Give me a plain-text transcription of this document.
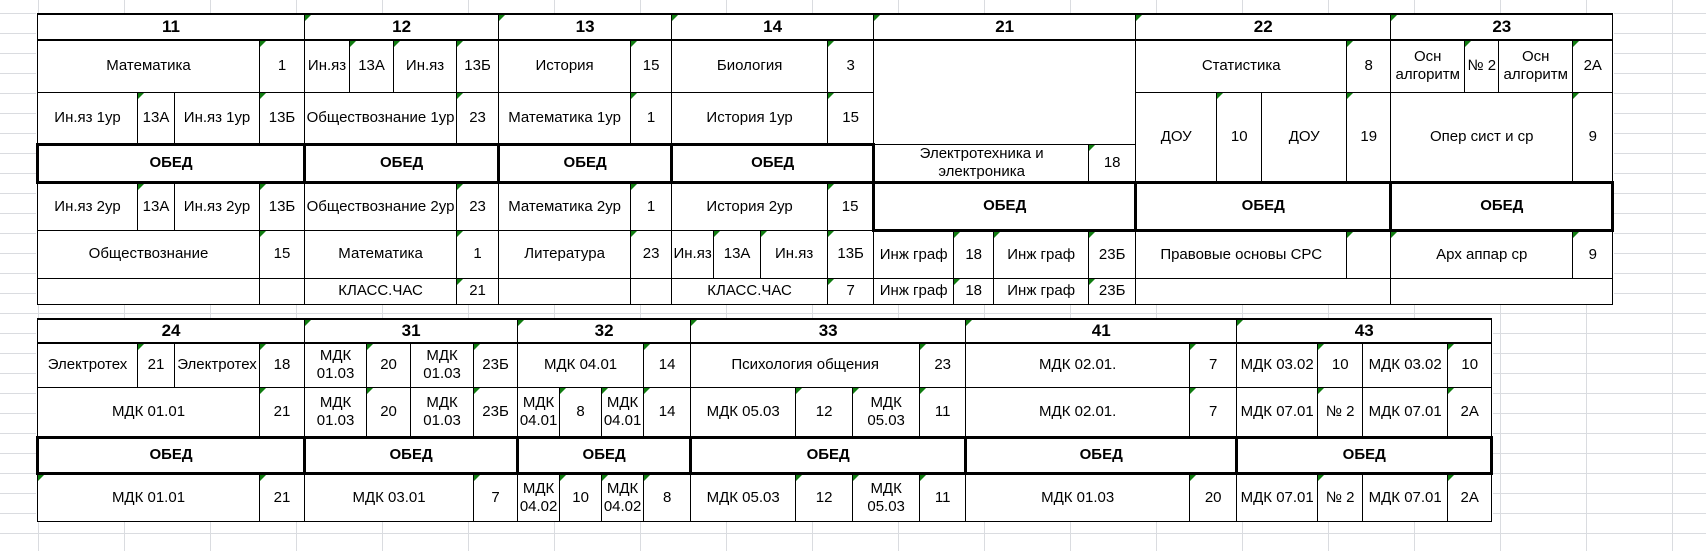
11				12				13		14				21				22				23			
Математика			1	Ин.яз	13А	Ин.яз	13Б	История	15	Биология			3					Статистика			8	Осн алгоритм	№ 2	Осн алгоритм	2А
Ин.яз 1ур	13А	Ин.яз 1ур	13Б	Обществознание 1ур			23	Математика 1ур	1	История 1ур			15					ДОУ	10	ДОУ	19	Опер сист и ср			9
ОБЕД				ОБЕД				ОБЕД		ОБЕД				Электротехника и электроника			18								
Ин.яз 2ур	13А	Ин.яз 2ур	13Б	Обществознание 2ур			23	Математика 2ур	1	История 2ур			15	ОБЕД				ОБЕД				ОБЕД			
Обществознание			15	Математика			1	Литература	23	Ин.яз	13А	Ин.яз	13Б	Инж граф	18	Инж граф	23Б	Правовые основы СРС				Арх аппар ср			9
				КЛАСС.ЧАС			21			КЛАСС.ЧАС			7	Инж граф	18	Инж граф	23Б								
24				31				32				33				41		43			
Электротех	21	Электротех	18	МДК 01.03	20	МДК 01.03	23Б	МДК 04.01			14	Психология общения			23	МДК 02.01.	7	МДК 03.02	10	МДК 03.02	10
МДК 01.01			21	МДК 01.03	20	МДК 01.03	23Б	МДК 04.01	8	МДК 04.01	14	МДК 05.03	12	МДК 05.03	11	МДК 02.01.	7	МДК 07.01	№ 2	МДК 07.01	2А
ОБЕД				ОБЕД				ОБЕД				ОБЕД				ОБЕД		ОБЕД			
МДК 01.01			21	МДК 03.01			7	МДК 04.02	10	МДК 04.02	8	МДК 05.03	12	МДК 05.03	11	МДК 01.03	20	МДК 07.01	№ 2	МДК 07.01	2А
